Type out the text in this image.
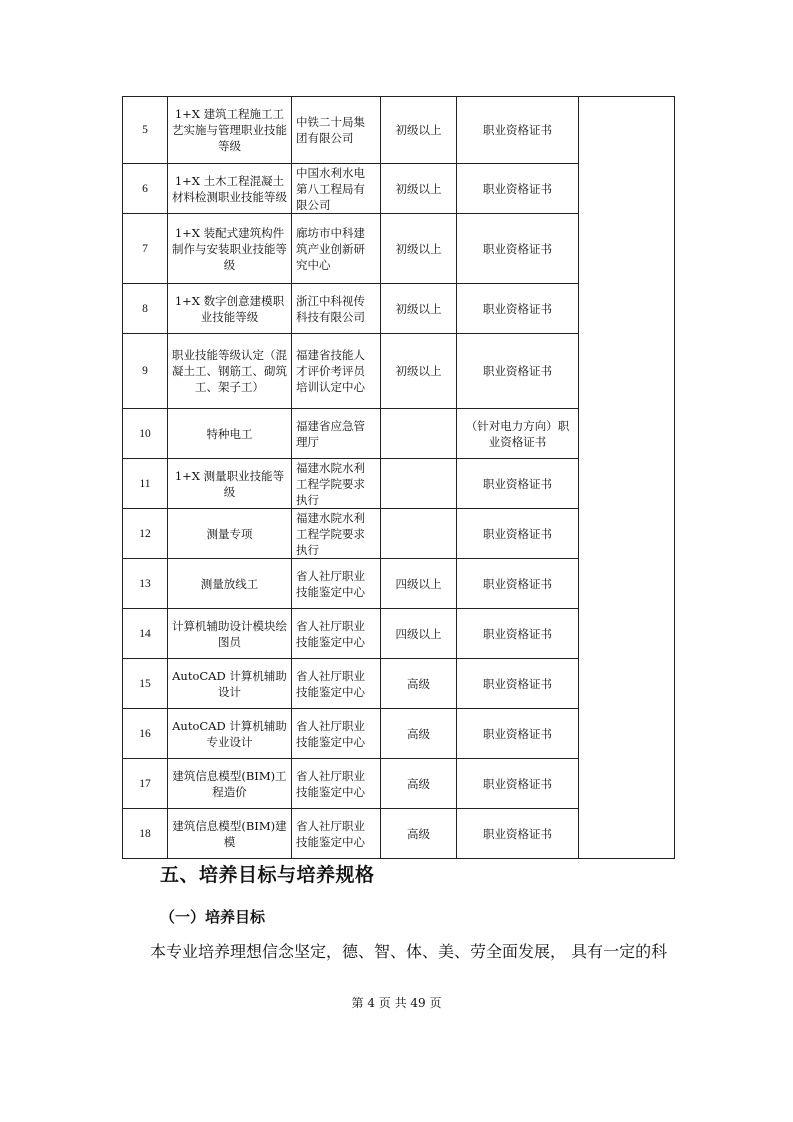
5	1+X 建筑工程施工工艺实施与管理职业技能等级	中铁二十局集团有限公司	初级以上	职业资格证书	
6	1+X 土木工程混凝土材料检测职业技能等级	中国水利水电第八工程局有限公司	初级以上	职业资格证书	
7	1+X 装配式建筑构件制作与安装职业技能等级	廊坊市中科建筑产业创新研究中心	初级以上	职业资格证书	
8	1+X 数字创意建模职业技能等级	浙江中科视传科技有限公司	初级以上	职业资格证书	
9	职业技能等级认定（混凝土工、钢筋工、砌筑工、架子工）	福建省技能人才评价考评员培训认定中心	初级以上	职业资格证书	
10	特种电工	福建省应急管理厅		（针对电力方向）职业资格证书	
11	1+X 测量职业技能等级	福建水院水利工程学院要求执行		职业资格证书	
12	测量专项	福建水院水利工程学院要求执行		职业资格证书	
13	测量放线工	省人社厅职业技能鉴定中心	四级以上	职业资格证书	
14	计算机辅助设计模块绘图员	省人社厅职业技能鉴定中心	四级以上	职业资格证书	
15	AutoCAD 计算机辅助设计	省人社厅职业技能鉴定中心	高级	职业资格证书	
16	AutoCAD 计算机辅助专业设计	省人社厅职业技能鉴定中心	高级	职业资格证书	
17	建筑信息模型(BIM)工程造价	省人社厅职业技能鉴定中心	高级	职业资格证书	
18	建筑信息模型(BIM)建模	省人社厅职业技能鉴定中心	高级	职业资格证书	
五、培养目标与培养规格
（一）培养目标
本专业培养理想信念坚定，德、智、体、美、劳全面发展， 具有一定的科
第 4 页 共 49 页
